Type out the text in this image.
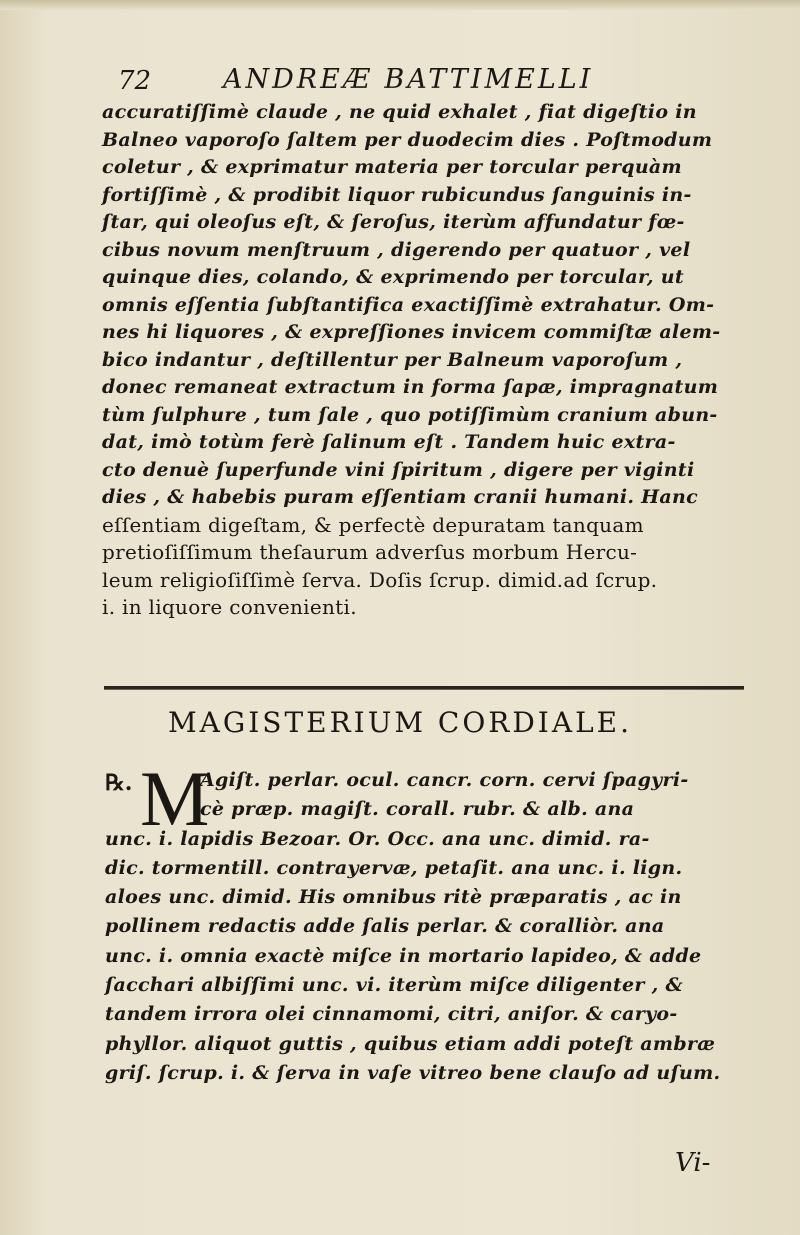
72	ANDREÆ BATTIMELLI
accuratiſſimè claude , ne quid exhalet , fiat digeſtio in
Balneo vaporoſo ſaltem per duodecim dies . Poſtmodum
coletur , & exprimatur materia per torcular perquàm
fortiſſimè , & prodibit liquor rubicundus ſanguinis in-
ſtar, qui oleoſus eſt, & ſeroſus, iterùm affundatur fœ-
cibus novum menſtruum , digerendo per quatuor , vel
quinque dies, colando, & exprimendo per torcular, ut
omnis eſſentia ſubſtantifica exactiſſimè extrahatur. Om-
nes hi liquores , & expreſſiones invicem commiſtæ alem-
bico indantur , deſtillentur per Balneum vaporoſum ,
donec remaneat extractum in forma ſapæ, impragnatum
tùm ſulphure , tum ſale , quo potiſſimùm cranium abun-
dat, imò totùm ferè ſalinum eſt . Tandem huic extra-
cto denuè ſuperfunde vini ſpiritum , digere per viginti
dies , & habebis puram eſſentiam cranii humani. Hanc
eſſentiam digeſtam, & perfectè depuratam tanquam
pretioſiſſimum theſaurum adverſus morbum Hercu-
leum religioſiſſimè ſerva. Doſis ſcrup. dimid.ad ſcrup.
i. in liquore convenienti.
MAGISTERIUM CORDIALE.
℞. M
Agiſt. perlar. ocul. cancr. corn. cervi ſpagyri-
cè præp. magiſt. corall. rubr. & alb. ana
unc. i. lapidis Bezoar. Or. Occ. ana unc. dimid. ra-
dic. tormentill. contrayervæ, petaſit. ana unc. i. lign.
aloes unc. dimid. His omnibus ritè præparatis , ac in
pollinem redactis adde ſalis perlar. & coralliòr. ana
unc. i. omnia exactè miſce in mortario lapideo, & adde
ſacchari albiſſimi unc. vi. iterùm miſce diligenter , &
tandem irrora olei cinnamomi, citri, aniſor. & caryo-
phyllor. aliquot guttis , quibus etiam addi poteſt ambræ
griſ. ſcrup. i. & ſerva in vaſe vitreo bene clauſo ad uſum.
Vi-
